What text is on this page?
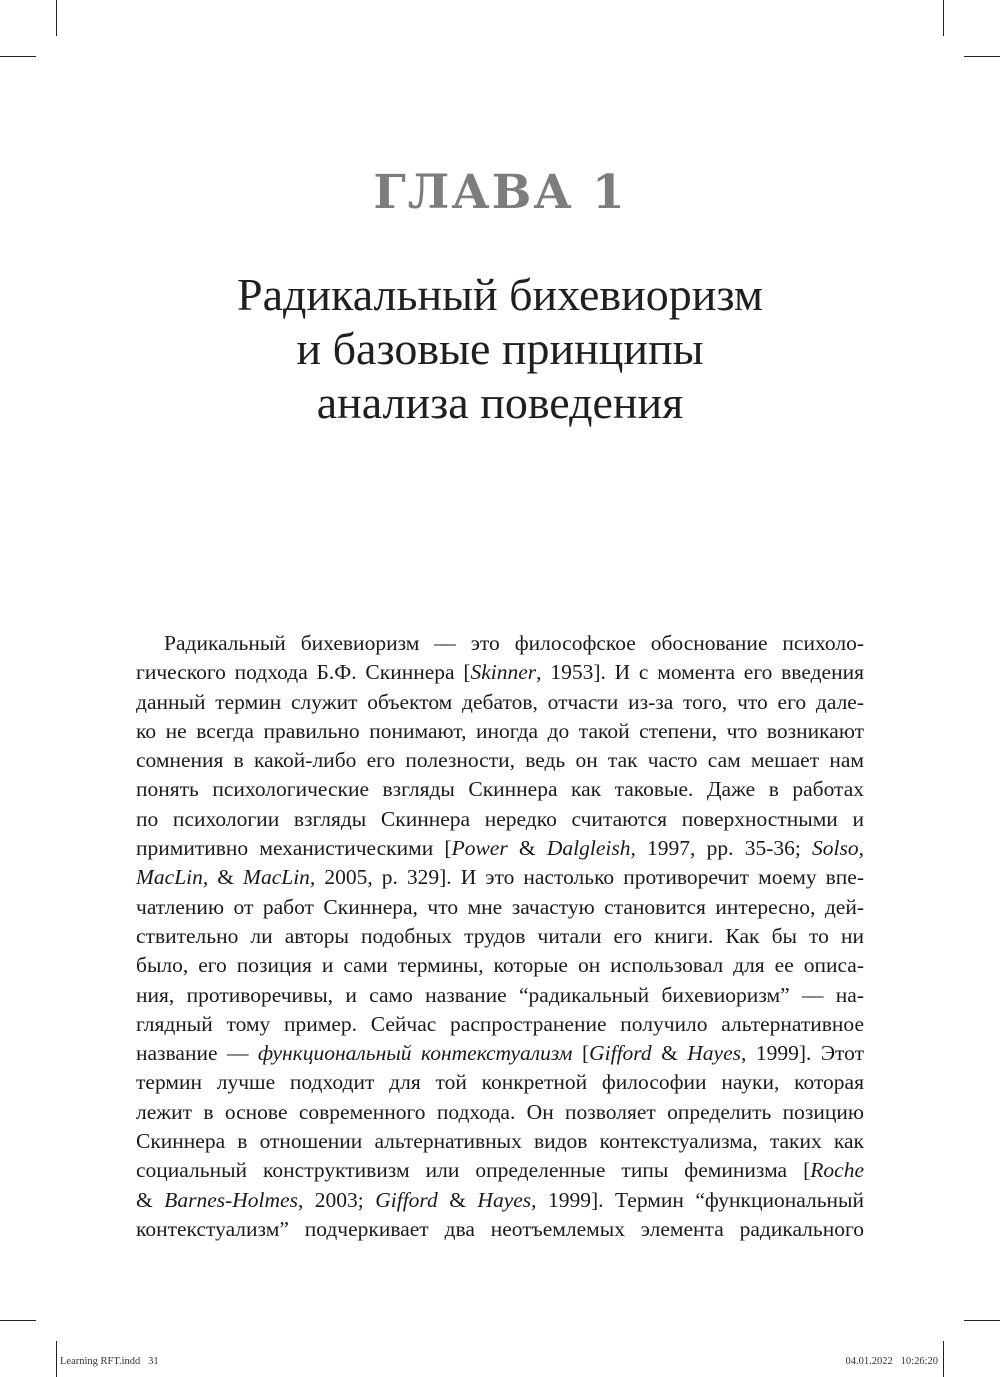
ГЛАВА 1
Радикальный бихевиоризм
и базовые принципы
анализа поведения
Радикальный бихевиоризм — это философское обоснование психоло-
гического подхода Б.Ф. Скиннера [Skinner, 1953]. И с момента его введения
данный термин служит объектом дебатов, отчасти из-за того, что его дале-
ко не всегда правильно понимают, иногда до такой степени, что возникают
сомнения в какой-либо его полезности, ведь он так часто сам мешает нам
понять психологические взгляды Скиннера как таковые. Даже в работах
по психологии взгляды Скиннера нередко считаются поверхностными и
примитивно механистическими [Power & Dalgleish, 1997, pp. 35-36; Solso,
MacLin, & MacLin, 2005, p. 329]. И это настолько противоречит моему впе-
чатлению от работ Скиннера, что мне зачастую становится интересно, дей-
ствительно ли авторы подобных трудов читали его книги. Как бы то ни
было, его позиция и сами термины, которые он использовал для ее описа-
ния, противоречивы, и само название “радикальный бихевиоризм” — на-
глядный тому пример. Сейчас распространение получило альтернативное
название — функциональный контекстуализм [Gifford & Hayes, 1999]. Этот
термин лучше подходит для той конкретной философии науки, которая
лежит в основе современного подхода. Он позволяет определить позицию
Скиннера в отношении альтернативных видов контекстуализма, таких как
социальный конструктивизм или определенные типы феминизма [Roche
& Barnes-Holmes, 2003; Gifford & Hayes, 1999]. Термин “функциональный
контекстуализм” подчеркивает два неотъемлемых элемента радикального
Learning RFT.indd   31	04.01.2022   10:26:20
